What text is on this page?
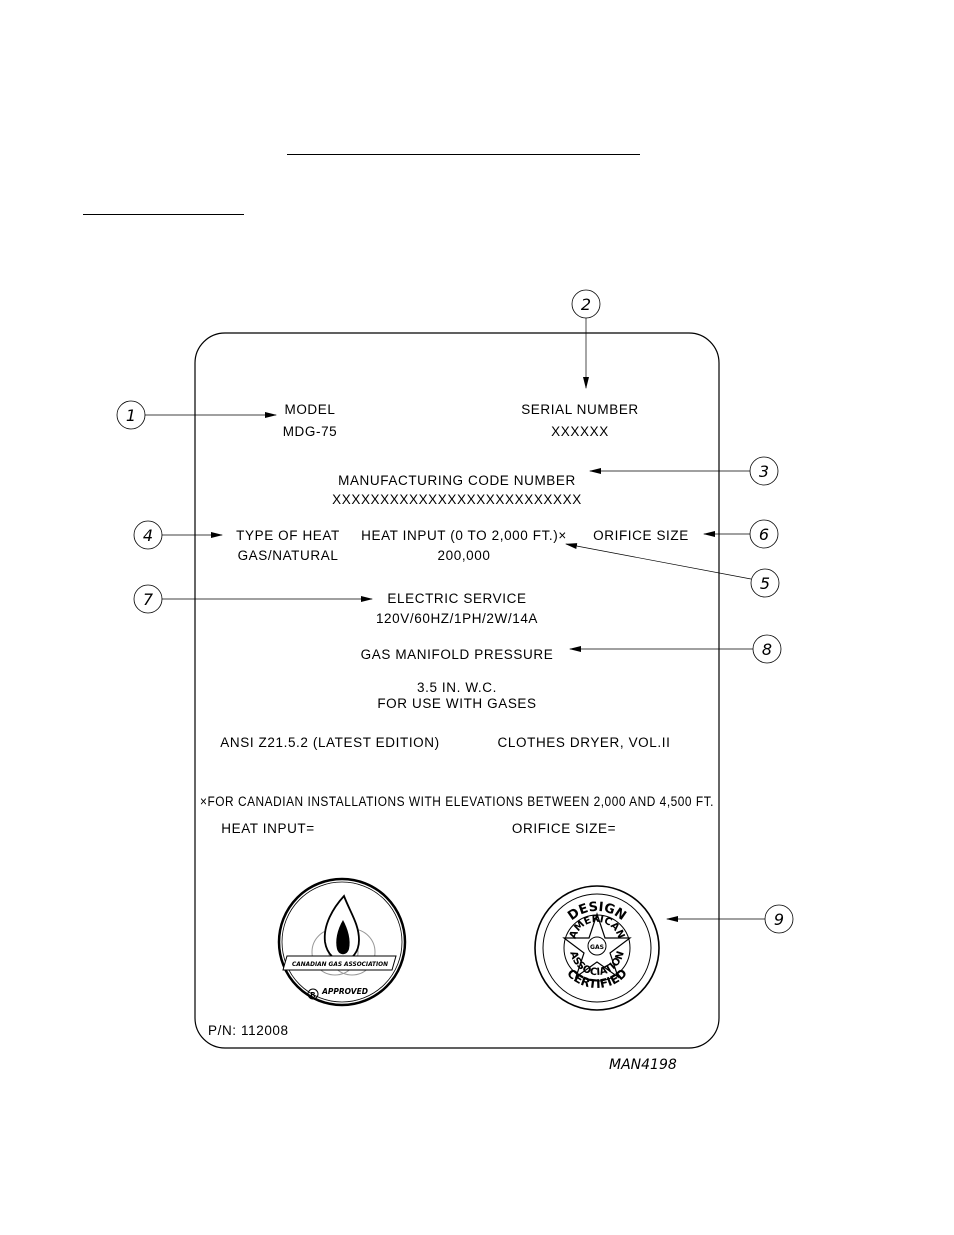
MODEL
MDG-75
SERIAL NUMBER
XXXXXX
MANUFACTURING CODE NUMBER
XXXXXXXXXXXXXXXXXXXXXXXXXX
TYPE OF HEAT
GAS/NATURAL
HEAT INPUT (0 TO 2,000 FT.)×
200,000
ORIFICE SIZE
ELECTRIC SERVICE
120V/60HZ/1PH/2W/14A
GAS MANIFOLD PRESSURE
3.5 IN. W.C.
FOR USE WITH GASES
ANSI Z21.5.2 (LATEST EDITION)	CLOTHES DRYER, VOL.II
×FOR CANADIAN INSTALLATIONS WITH ELEVATIONS BETWEEN 2,000 AND 4,500 FT.
HEAT INPUT=	ORIFICE SIZE=
P/N: 112008
CANADIAN GAS ASSOCIATION
R APPROVED
GAS
DESIGN
CERTIFIED
AMERICAN
ASSOCIATION
1
2
3
4
5
6
7
8
9
MAN4198
